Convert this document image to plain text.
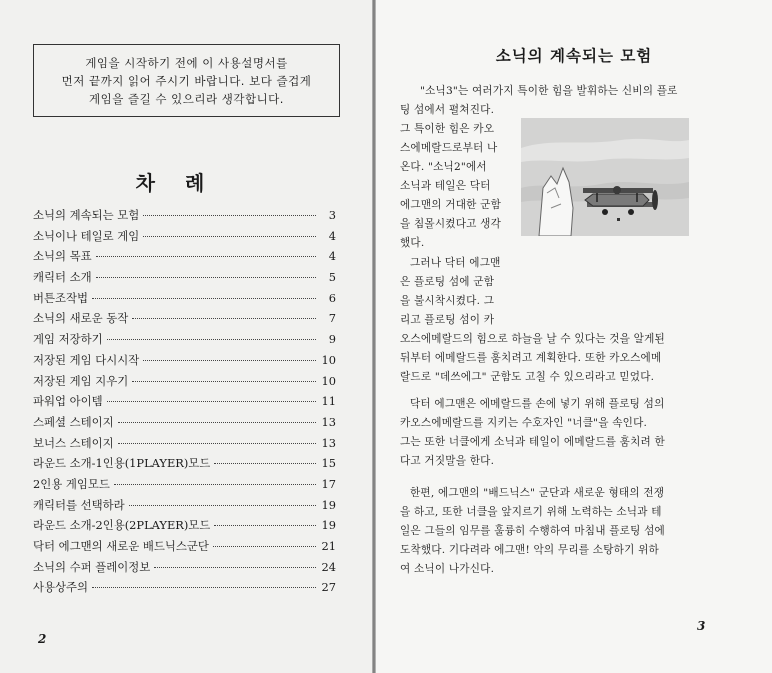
게임을 시작하기 전에 이 사용설명서를
먼저 끝까지 읽어 주시기 바랍니다. 보다 즐겁게
게임을 즐길 수 있으리라 생각합니다.
차례
소닉의 계속되는 모험	3
소닉이나 테일로 게임	4
소닉의 목표	4
캐릭터 소개	5
버튼조작법	6
소닉의 새로운 동작	7
게임 저장하기	9
저장된 게임 다시시작	10
저장된 게임 지우기	10
파워업 아이템	11
스페셜 스테이지	13
보너스 스테이지	13
라운드 소개-1인용(1PLAYER)모드	15
2인용 게임모드	17
캐릭터를 선택하라	19
라운드 소개-2인용(2PLAYER)모드	19
닥터 에그맨의 새로운 배드닉스군단	21
소닉의 수퍼 플레이정보	24
사용상주의	27
2
소닉의 계속되는 모험
"소닉3"는 여러가지 특이한 힘을 발휘하는 신비의 플로
팅 섬에서 펼쳐진다.
그 특이한 힘은 카오
스에메랄드로부터 나
온다. "소닉2"에서
소닉과 테일은 닥터
에그맨의 거대한 군함
을 침몰시켰다고 생각
했다.
그러나 닥터 에그맨
은 플로팅 섬에 군함
을 불시착시켰다. 그
리고 플로팅 섬이 카
오스에메랄드의 힘으로 하늘을 날 수 있다는 것을 알게된
뒤부터 에메랄드를 훔치려고 계획한다. 또한 카오스에메
랄드로 "데쓰에그" 군함도 고칠 수 있으리라고 믿었다.
닥터 에그맨은 에메랄드를 손에 넣기 위해 플로팅 섬의
카오스에메랄드를 지키는 수호자인 "너클"을 속인다.
그는 또한 너클에게 소닉과 테일이 에메랄드를 훔치려 한
다고 거짓말을 한다.
한편, 에그맨의 "배드닉스" 군단과 새로운 형태의 전쟁
을 하고, 또한 너클을 앞지르기 위해 노력하는 소닉과 테
일은 그들의 임무를 훌륭히 수행하여 마침내 플로팅 섬에
도착했다. 기다려라 에그맨! 악의 무리를 소탕하기 위하
여 소닉이 나가신다.
3
